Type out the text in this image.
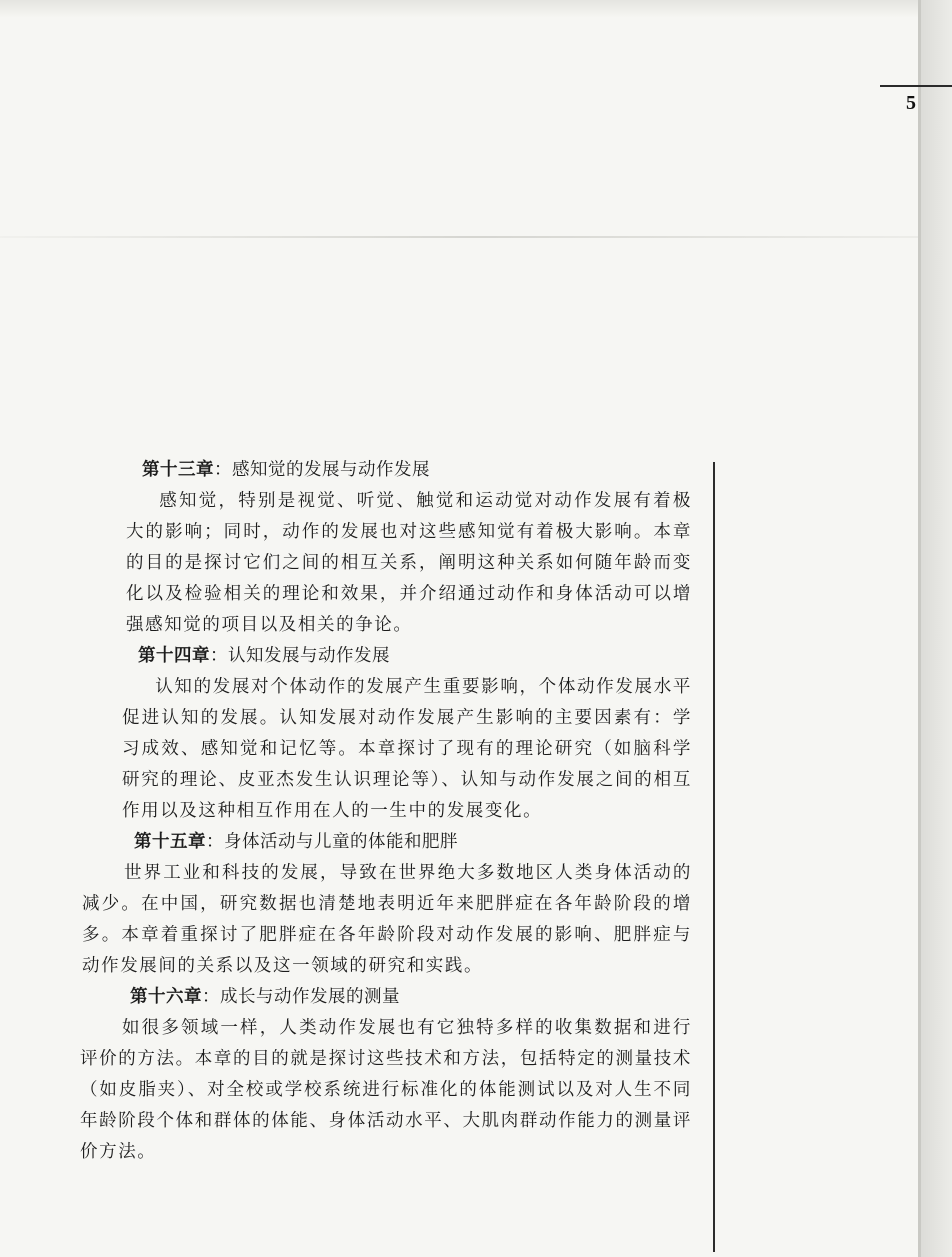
5
第十三章：感知觉的发展与动作发展

感知觉，特别是视觉、听觉、触觉和运动觉对动作发展有着极大的影响；同时，动作的发展也对这些感知觉有着极大影响。本章的目的是探讨它们之间的相互关系，阐明这种关系如何随年龄而变化以及检验相关的理论和效果，并介绍通过动作和身体活动可以增强感知觉的项目以及相关的争论。

第十四章：认知发展与动作发展

认知的发展对个体动作的发展产生重要影响，个体动作发展水平促进认知的发展。认知发展对动作发展产生影响的主要因素有：学习成效、感知觉和记忆等。本章探讨了现有的理论研究（如脑科学研究的理论、皮亚杰发生认识理论等）、认知与动作发展之间的相互作用以及这种相互作用在人的一生中的发展变化。

第十五章：身体活动与儿童的体能和肥胖

世界工业和科技的发展，导致在世界绝大多数地区人类身体活动的减少。在中国，研究数据也清楚地表明近年来肥胖症在各年龄阶段的增多。本章着重探讨了肥胖症在各年龄阶段对动作发展的影响、肥胖症与动作发展间的关系以及这一领域的研究和实践。

第十六章：成长与动作发展的测量

如很多领域一样，人类动作发展也有它独特多样的收集数据和进行评价的方法。本章的目的就是探讨这些技术和方法，包括特定的测量技术（如皮脂夹）、对全校或学校系统进行标准化的体能测试以及对人生不同年龄阶段个体和群体的体能、身体活动水平、大肌肉群动作能力的测量评价方法。
